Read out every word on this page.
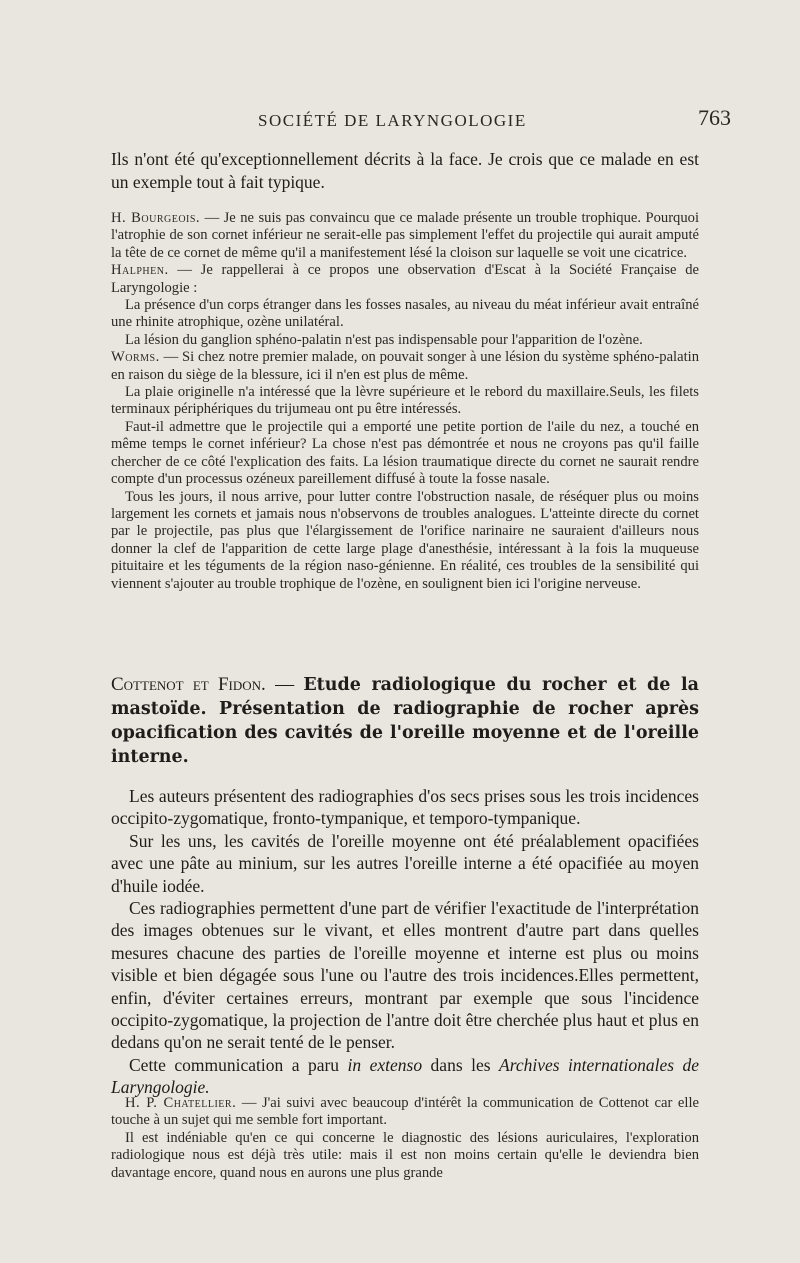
SOCIÉTÉ DE LARYNGOLOGIE	763

Ils n'ont été qu'exceptionnellement décrits à la face. Je crois que ce malade en est un exemple tout à fait typique.

H. Bourgeois. — Je ne suis pas convaincu que ce malade présente un trouble trophique. Pourquoi l'atrophie de son cornet inférieur ne serait-elle pas simplement l'effet du projectile qui aurait amputé la tête de ce cornet de même qu'il a manifestement lésé la cloison sur laquelle se voit une cicatrice.

Halphen. — Je rappellerai à ce propos une observation d'Escat à la Société Française de Laryngologie :

La présence d'un corps étranger dans les fosses nasales, au niveau du méat inférieur avait entraîné une rhinite atrophique, ozène unilatéral.

La lésion du ganglion sphéno-palatin n'est pas indispensable pour l'apparition de l'ozène.

Worms. — Si chez notre premier malade, on pouvait songer à une lésion du système sphéno-palatin en raison du siège de la blessure, ici il n'en est plus de même.

La plaie originelle n'a intéressé que la lèvre supérieure et le rebord du maxillaire.Seuls, les filets terminaux périphériques du trijumeau ont pu être intéressés.

Faut-il admettre que le projectile qui a emporté une petite portion de l'aile du nez, a touché en même temps le cornet inférieur? La chose n'est pas démontrée et nous ne croyons pas qu'il faille chercher de ce côté l'explication des faits. La lésion traumatique directe du cornet ne saurait rendre compte d'un processus ozéneux pareillement diffusé à toute la fosse nasale.

Tous les jours, il nous arrive, pour lutter contre l'obstruction nasale, de réséquer plus ou moins largement les cornets et jamais nous n'observons de troubles analogues. L'atteinte directe du cornet par le projectile, pas plus que l'élargissement de l'orifice narinaire ne sauraient d'ailleurs nous donner la clef de l'apparition de cette large plage d'anesthésie, intéressant à la fois la muqueuse pituitaire et les téguments de la région naso-génienne. En réalité, ces troubles de la sensibilité qui viennent s'ajouter au trouble trophique de l'ozène, en soulignent bien ici l'origine nerveuse.

Cottenot et Fidon. — Etude radiologique du rocher et de la mastoïde. Présentation de radiographie de rocher après opacification des cavités de l'oreille moyenne et de l'oreille interne.

Les auteurs présentent des radiographies d'os secs prises sous les trois incidences occipito-zygomatique, fronto-tympanique, et temporo-tympanique.

Sur les uns, les cavités de l'oreille moyenne ont été préalablement opacifiées avec une pâte au minium, sur les autres l'oreille interne a été opacifiée au moyen d'huile iodée.

Ces radiographies permettent d'une part de vérifier l'exactitude de l'interprétation des images obtenues sur le vivant, et elles montrent d'autre part dans quelles mesures chacune des parties de l'oreille moyenne et interne est plus ou moins visible et bien dégagée sous l'une ou l'autre des trois incidences.Elles permettent, enfin, d'éviter certaines erreurs, montrant par exemple que sous l'incidence occipito-zygomatique, la projection de l'antre doit être cherchée plus haut et plus en dedans qu'on ne serait tenté de le penser.

Cette communication a paru in extenso dans les Archives internationales de Laryngologie.

H. P. Chatellier. — J'ai suivi avec beaucoup d'intérêt la communication de Cottenot car elle touche à un sujet qui me semble fort important.

Il est indéniable qu'en ce qui concerne le diagnostic des lésions auriculaires, l'exploration radiologique nous est déjà très utile: mais il est non moins certain qu'elle le deviendra bien davantage encore, quand nous en aurons une plus grande
